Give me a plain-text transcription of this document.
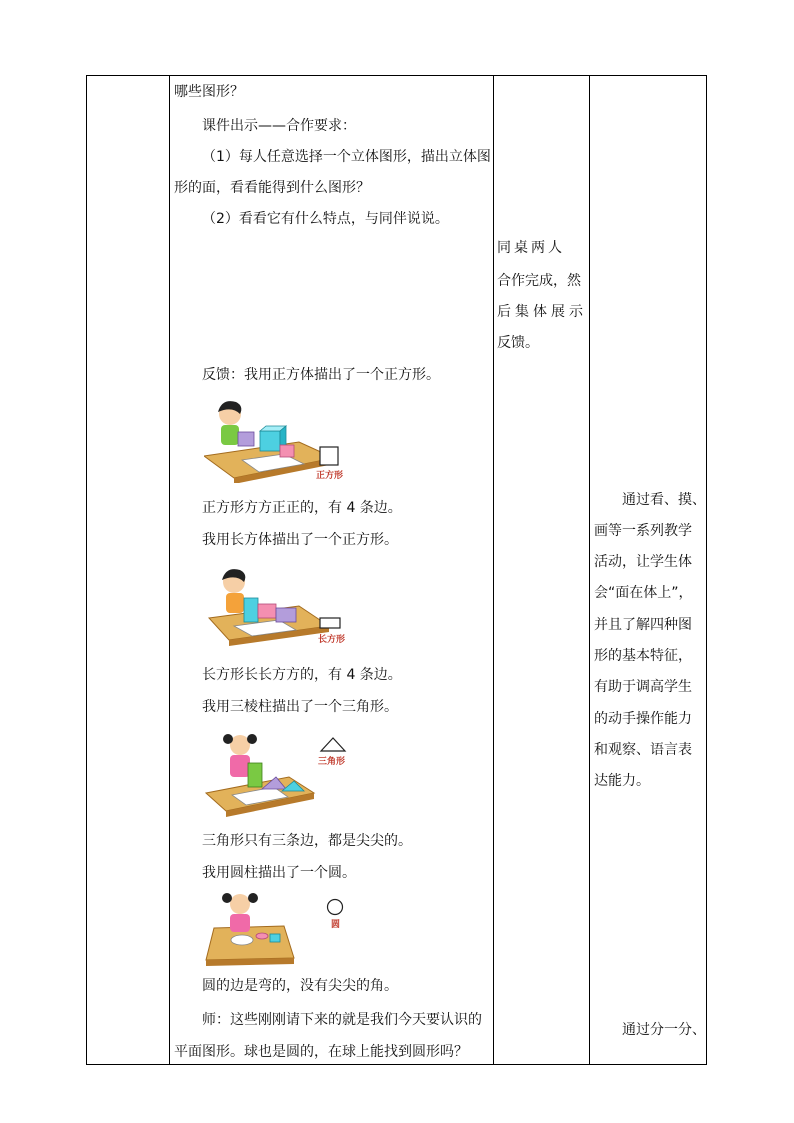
哪些图形？
课件出示——合作要求：
（1）每人任意选择一个立体图形，描出立体图
形的面，看看能得到什么图形？
（2）看看它有什么特点，与同伴说说。
反馈：我用正方体描出了一个正方形。
正方形方方正正的，有 4 条边。
我用长方体描出了一个正方形。
长方形长长方方的，有 4 条边。
我用三棱柱描出了一个三角形。
三角形只有三条边，都是尖尖的。
我用圆柱描出了一个圆。
圆的边是弯的，没有尖尖的角。
师：这些刚刚请下来的就是我们今天要认识的
平面图形。球也是圆的，在球上能找到圆形吗？
正方形
长方形
三角形
圆
同桌两人
合作完成，然
后集体展示
反馈。
通过看、摸、
画等一系列教学
活动，让学生体
会“面在体上”，
并且了解四种图
形的基本特征，
有助于调高学生
的动手操作能力
和观察、语言表
达能力。
通过分一分、
